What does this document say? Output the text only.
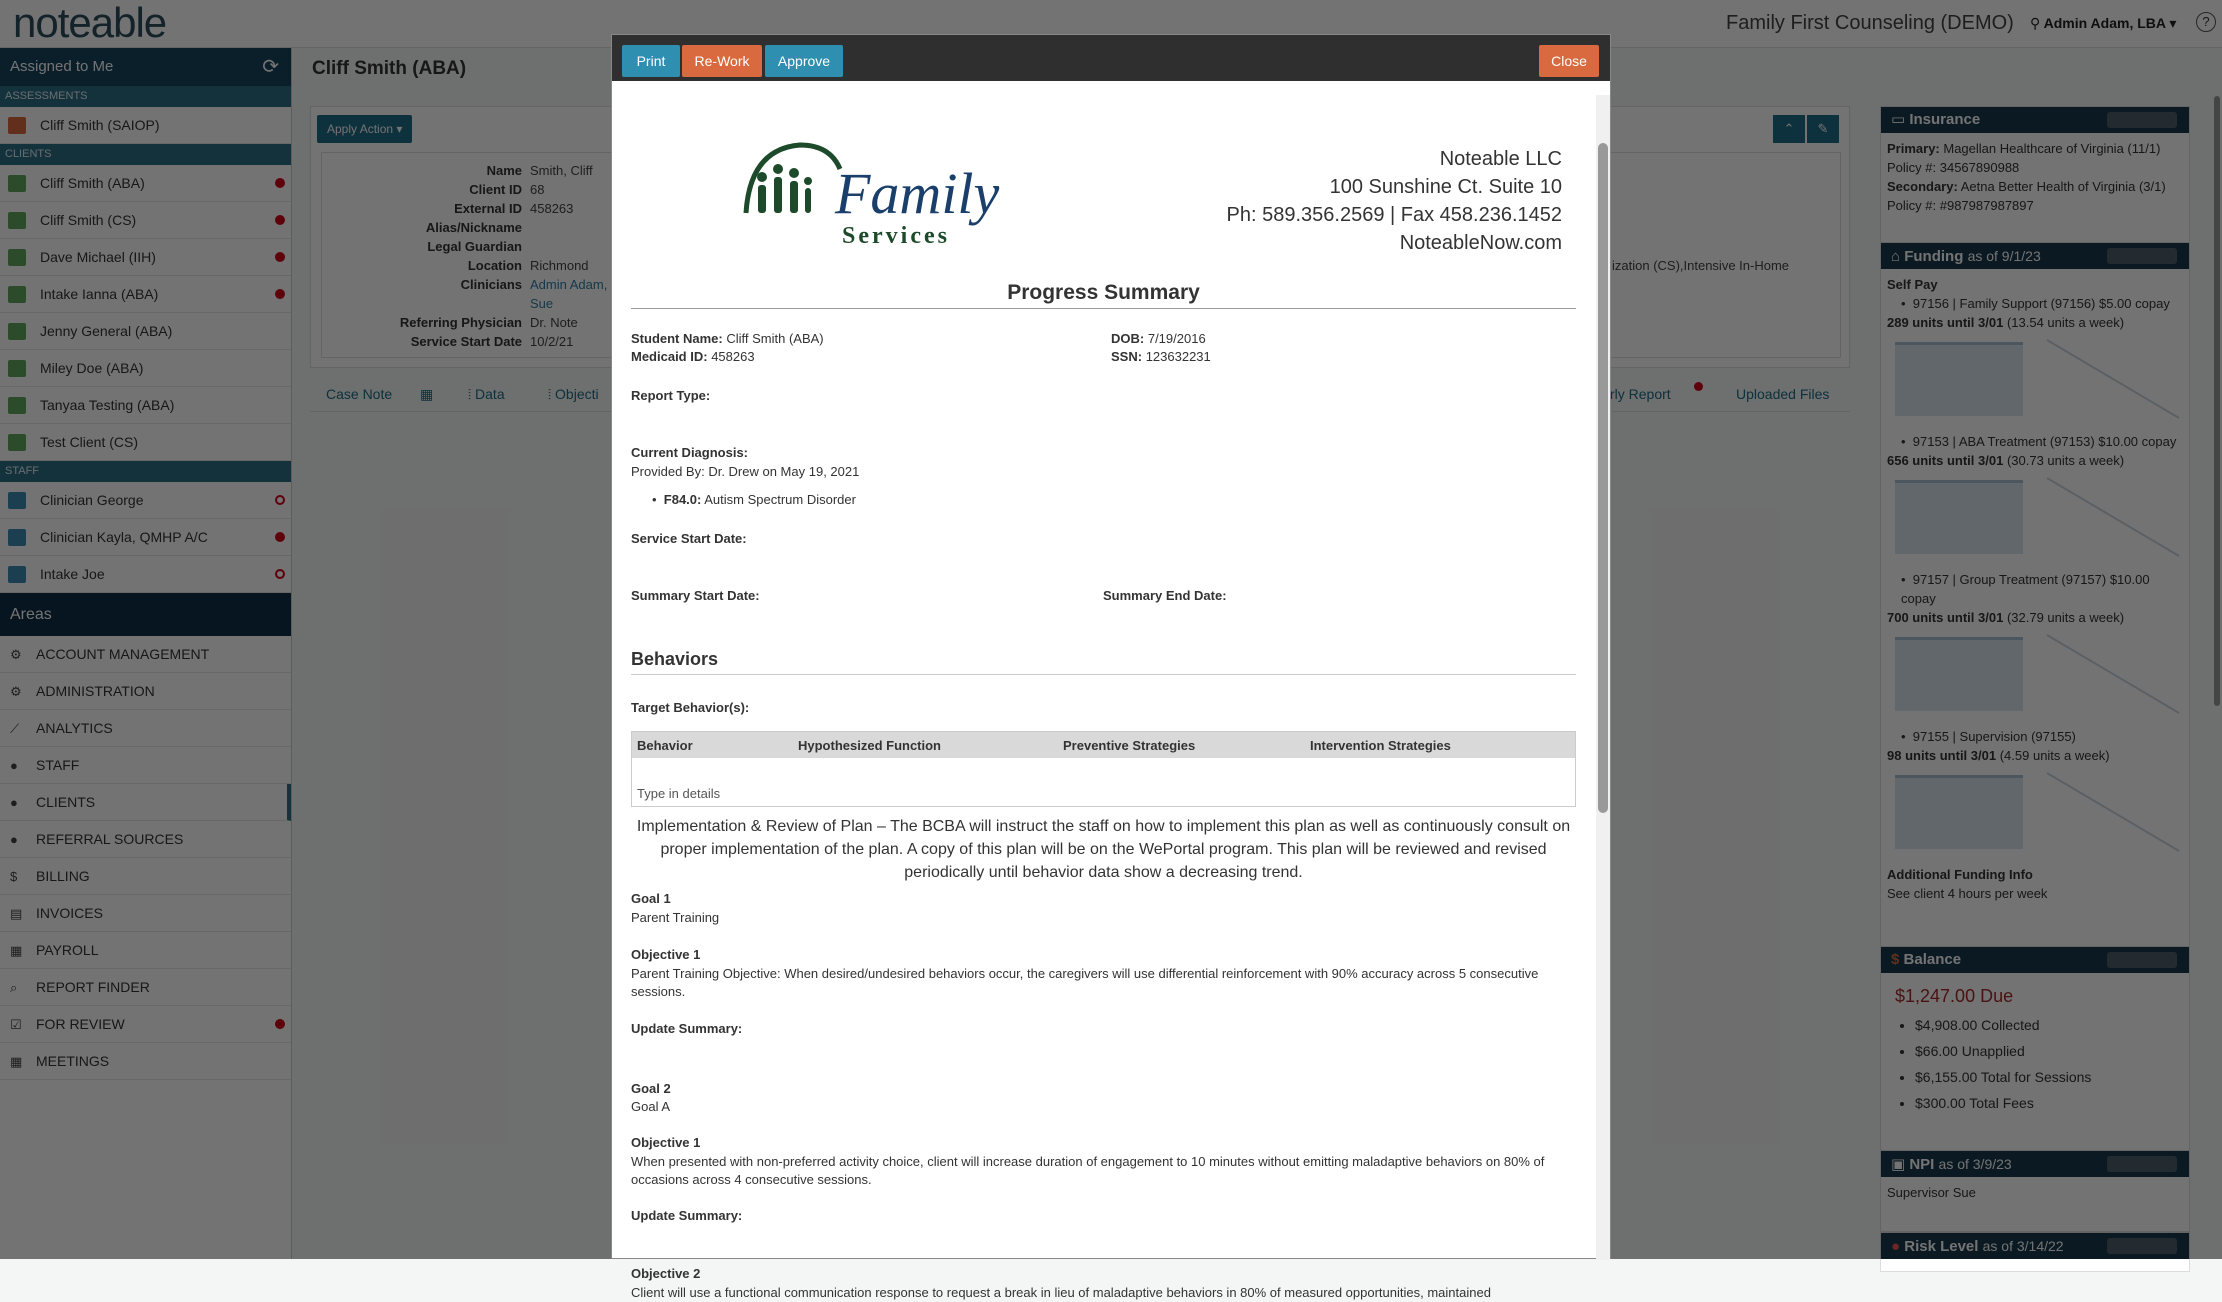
•
•
•
•
Print	Re-Work	Approve	Close
Family
Services
Noteable LLC
100 Sunshine Ct. Suite 10
Ph: 589.356.2569 | Fax 458.236.1452
NoteableNow.com
Progress Summary
Student Name: Cliff Smith (ABA)
Medicaid ID: 458263
DOB: 7/19/2016
SSN: 123632231
Report Type:
Current Diagnosis:
Provided By: Dr. Drew on May 19, 2021
•  F84.0: Autism Spectrum Disorder
Service Start Date:
Summary Start Date:	Summary End Date:
Behaviors
Target Behavior(s):
Behavior	Hypothesized Function	Preventive Strategies	Intervention Strategies
Type in details
Implementation & Review of Plan – The BCBA will instruct the staff on how to implement this plan as well as continuously consult on proper implementation of the plan. A copy of this plan will be on the WePortal program. This plan will be reviewed and revised periodically until behavior data show a decreasing trend.
Goal 1
Parent Training
Objective 1
Parent Training Objective: When desired/undesired behaviors occur, the caregivers will use differential reinforcement with 90% accuracy across 5 consecutive sessions.
Update Summary:
Goal 2
Goal A
Objective 1
When presented with non-preferred activity choice, client will increase duration of engagement to 10 minutes without emitting maladaptive behaviors on 80% of occasions across 4 consecutive sessions.
Update Summary:
Objective 2
Client will use a functional communication response to request a break in lieu of maladaptive behaviors in 80% of measured opportunities, maintained
